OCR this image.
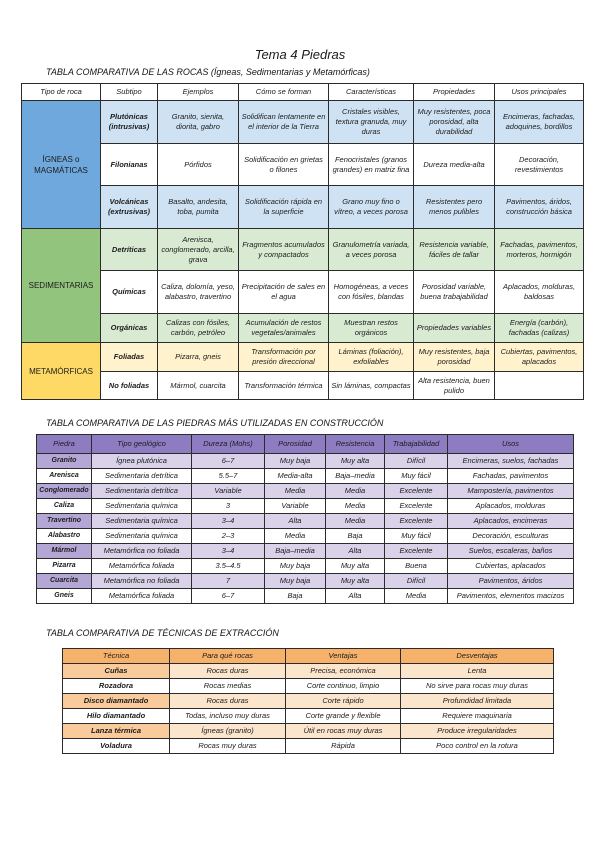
Tema 4 Piedras
TABLA COMPARATIVA DE LAS ROCAS (Ígneas, Sedimentarias y Metamórficas)
Tipo de roca	Subtipo	Ejemplos	Cómo se forman	Características	Propiedades	Usos principales
ÍGNEAS o MAGMÁTICAS	Plutónicas (intrusivas)	Granito, sienita, diorita, gabro	Solidifican lentamente en el interior de la Tierra	Cristales visibles, textura granuda, muy duras	Muy resistentes, poca porosidad, alta durabilidad	Encimeras, fachadas, adoquines, bordillos
	Filonianas	Pórfidos	Solidificación en grietas o filones	Fenocristales (granos grandes) en matriz fina	Dureza media-alta	Decoración, revestimientos
	Volcánicas (extrusivas)	Basalto, andesita, toba, pumita	Solidificación rápida en la superficie	Grano muy fino o vítreo, a veces porosa	Resistentes pero menos pulibles	Pavimentos, áridos, construcción básica
SEDIMENTARIAS	Detríticas	Arenisca, conglomerado, arcilla, grava	Fragmentos acumulados y compactados	Granulometría variada, a veces porosa	Resistencia variable, fáciles de tallar	Fachadas, pavimentos, morteros, hormigón
	Químicas	Caliza, dolomía, yeso, alabastro, travertino	Precipitación de sales en el agua	Homogéneas, a veces con fósiles, blandas	Porosidad variable, buena trabajabilidad	Aplacados, molduras, baldosas
	Orgánicas	Calizas con fósiles, carbón, petróleo	Acumulación de restos vegetales/animales	Muestran restos orgánicos	Propiedades variables	Energía (carbón), fachadas (calizas)
METAMÓRFICAS	Foliadas	Pizarra, gneis	Transformación por presión direccional	Láminas (foliación), exfoliables	Muy resistentes, baja porosidad	Cubiertas, pavimentos, aplacados
	No foliadas	Mármol, cuarcita	Transformación térmica	Sin láminas, compactas	Alta resistencia, buen pulido	
TABLA COMPARATIVA DE LAS PIEDRAS MÁS UTILIZADAS EN CONSTRUCCIÓN
Piedra	Tipo geológico	Dureza (Mohs)	Porosidad	Resistencia	Trabajabilidad	Usos
Granito	Ígnea plutónica	6–7	Muy baja	Muy alta	Difícil	Encimeras, suelos, fachadas
Arenisca	Sedimentaria detrítica	5.5–7	Media-alta	Baja–media	Muy fácil	Fachadas, pavimentos
Conglomerado	Sedimentaria detrítica	Variable	Media	Media	Excelente	Mampostería, pavimentos
Caliza	Sedimentaria química	3	Variable	Media	Excelente	Aplacados, molduras
Travertino	Sedimentaria química	3–4	Alta	Media	Excelente	Aplacados, encimeras
Alabastro	Sedimentaria química	2–3	Media	Baja	Muy fácil	Decoración, esculturas
Mármol	Metamórfica no foliada	3–4	Baja–media	Alta	Excelente	Suelos, escaleras, baños
Pizarra	Metamórfica foliada	3.5–4.5	Muy baja	Muy alta	Buena	Cubiertas, aplacados
Cuarcita	Metamórfica no foliada	7	Muy baja	Muy alta	Difícil	Pavimentos, áridos
Gneis	Metamórfica foliada	6–7	Baja	Alta	Media	Pavimentos, elementos macizos
TABLA COMPARATIVA DE TÉCNICAS DE EXTRACCIÓN
Técnica	Para qué rocas	Ventajas	Desventajas
Cuñas	Rocas duras	Precisa, económica	Lenta
Rozadora	Rocas medias	Corte continuo, limpio	No sirve para rocas muy duras
Disco diamantado	Rocas duras	Corte rápido	Profundidad limitada
Hilo diamantado	Todas, incluso muy duras	Corte grande y flexible	Requiere maquinaria
Lanza térmica	Ígneas (granito)	Útil en rocas muy duras	Produce irregularidades
Voladura	Rocas muy duras	Rápida	Poco control en la rotura
